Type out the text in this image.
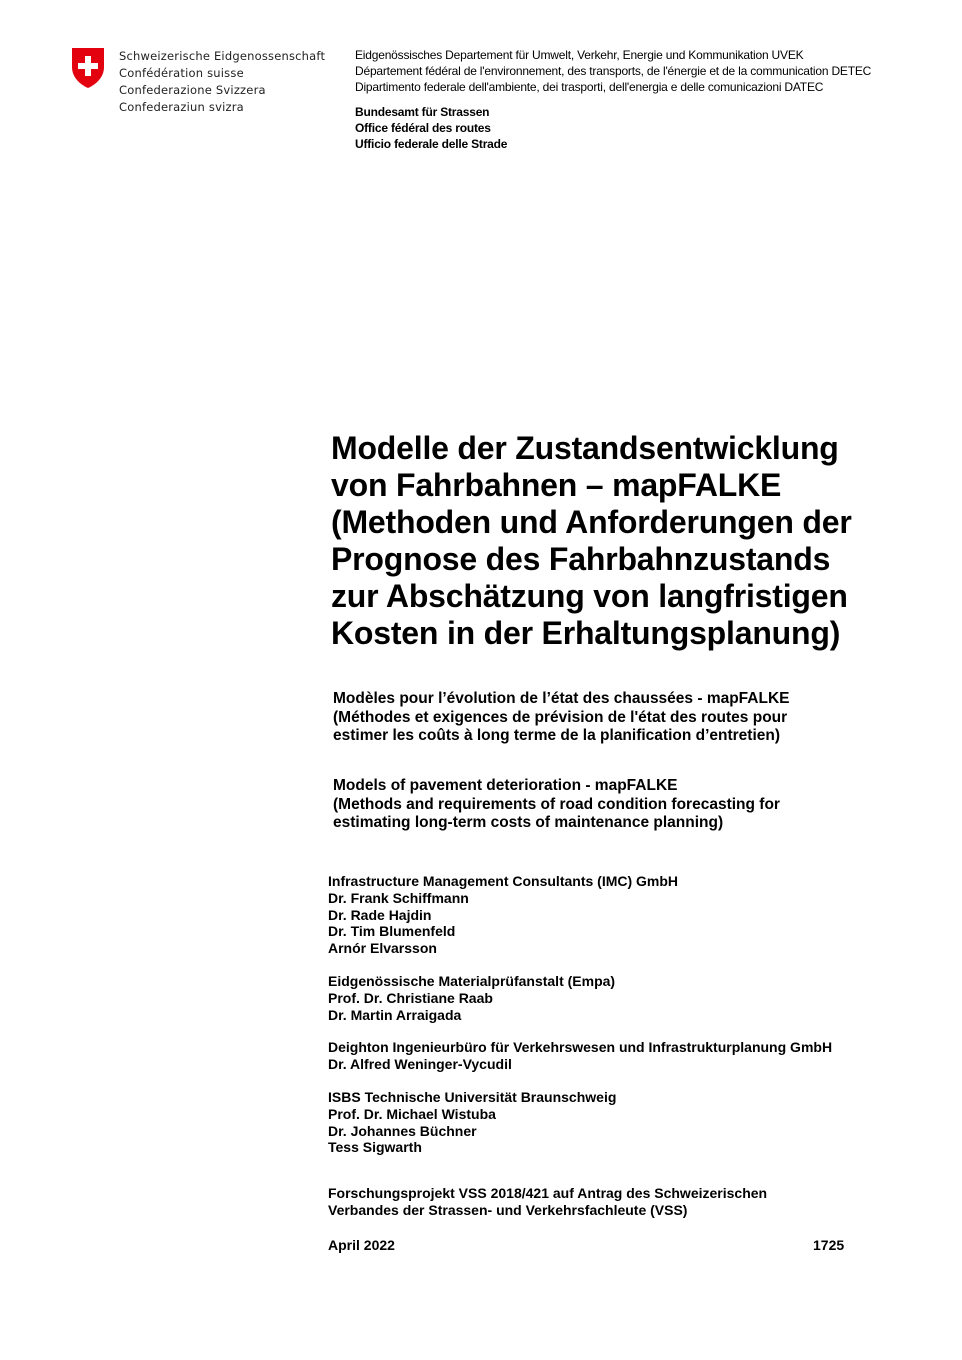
Schweizerische Eidgenossenschaft
Confédération suisse
Confederazione Svizzera
Confederaziun svizra
Eidgenössisches Departement für Umwelt, Verkehr, Energie und Kommunikation UVEK
Département fédéral de l'environnement, des transports, de l'énergie et de la communication DETEC
Dipartimento federale dell'ambiente, dei trasporti, dell'energia e delle comunicazioni DATEC
Bundesamt für Strassen
Office fédéral des routes
Ufficio federale delle Strade
Modelle der Zustandsentwicklung
von Fahrbahnen – mapFALKE
(Methoden und Anforderungen der
Prognose des Fahrbahnzustands
zur Abschätzung von langfristigen
Kosten in der Erhaltungsplanung)
Modèles pour l’évolution de l’état des chaussées - mapFALKE
(Méthodes et exigences de prévision de l'état des routes pour
estimer les coûts à long terme de la planification d’entretien)
Models of pavement deterioration - mapFALKE
(Methods and requirements of road condition forecasting for
estimating long-term costs of maintenance planning)
Infrastructure Management Consultants (IMC) GmbH
Dr. Frank Schiffmann
Dr. Rade Hajdin
Dr. Tim Blumenfeld
Arnór Elvarsson
Eidgenössische Materialprüfanstalt (Empa)
Prof. Dr. Christiane Raab
Dr. Martin Arraigada
Deighton Ingenieurbüro für Verkehrswesen und Infrastrukturplanung GmbH
Dr. Alfred Weninger-Vycudil
ISBS Technische Universität Braunschweig
Prof. Dr. Michael Wistuba
Dr. Johannes Büchner
Tess Sigwarth
Forschungsprojekt VSS 2018/421 auf Antrag des Schweizerischen
Verbandes der Strassen- und Verkehrsfachleute (VSS)
April 2022	1725
